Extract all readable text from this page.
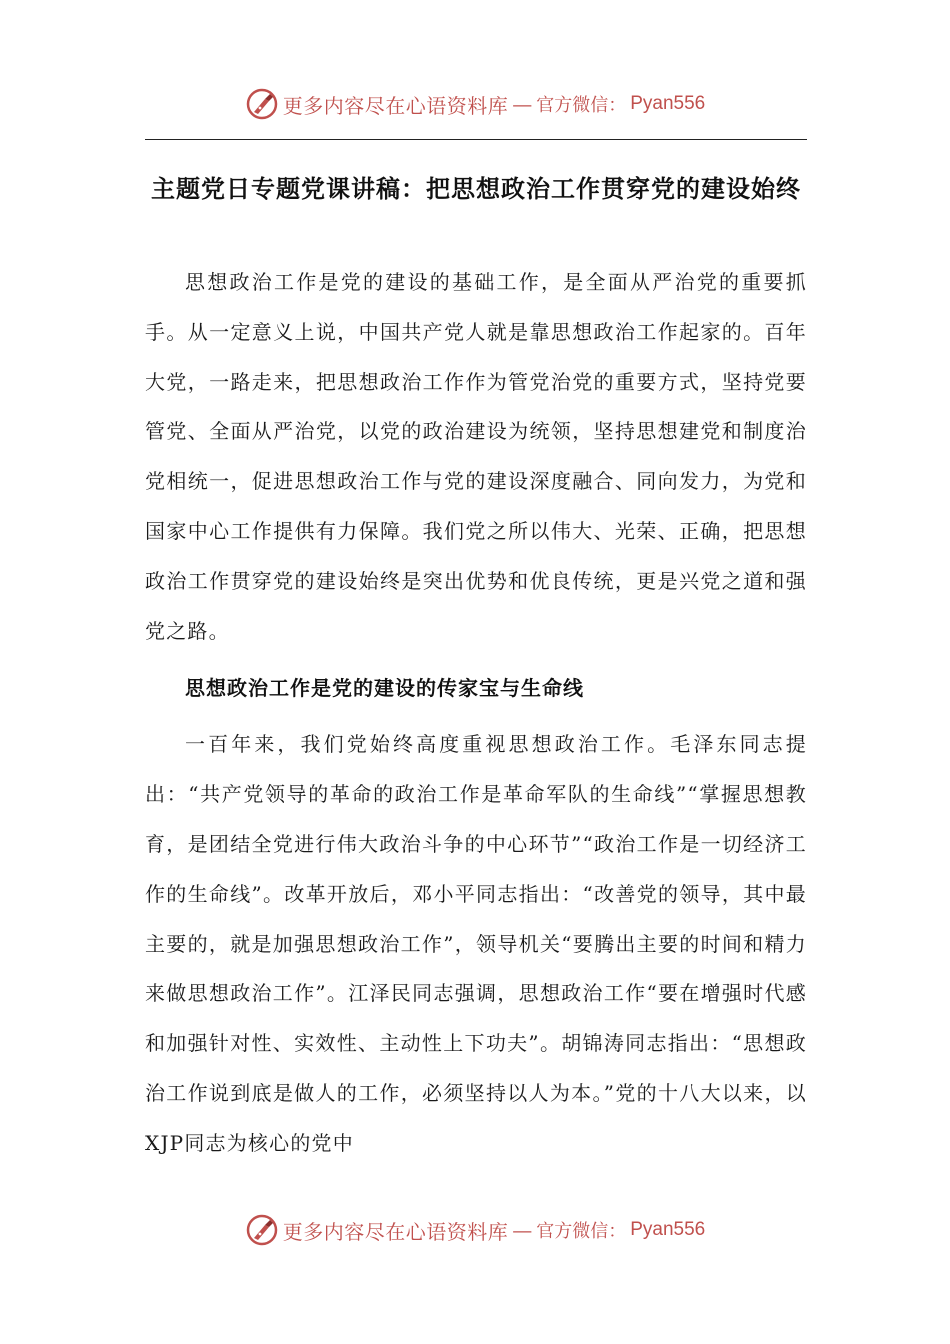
更多内容尽在心语资料库 — 官方微信： Pyan556
主题党日专题党课讲稿：把思想政治工作贯穿党的建设始终

思想政治工作是党的建设的基础工作，是全面从严治党的重要抓手。从一定意义上说，中国共产党人就是靠思想政治工作起家的。百年大党，一路走来，把思想政治工作作为管党治党的重要方式，坚持党要管党、全面从严治党，以党的政治建设为统领，坚持思想建党和制度治党相统一，促进思想政治工作与党的建设深度融合、同向发力，为党和国家中心工作提供有力保障。我们党之所以伟大、光荣、正确，把思想政治工作贯穿党的建设始终是突出优势和优良传统，更是兴党之道和强党之路。

思想政治工作是党的建设的传家宝与生命线

一百年来，我们党始终高度重视思想政治工作。毛泽东同志提出：“共产党领导的革命的政治工作是革命军队的生命线”“掌握思想教育，是团结全党进行伟大政治斗争的中心环节”“政治工作是一切经济工作的生命线”。改革开放后，邓小平同志指出：“改善党的领导，其中最主要的，就是加强思想政治工作”，领导机关“要腾出主要的时间和精力来做思想政治工作”。江泽民同志强调，思想政治工作“要在增强时代感和加强针对性、实效性、主动性上下功夫”。胡锦涛同志指出：“思想政治工作说到底是做人的工作，必须坚持以人为本。”党的十八大以来，以XJP同志为核心的党中

更多内容尽在心语资料库 — 官方微信： Pyan556
